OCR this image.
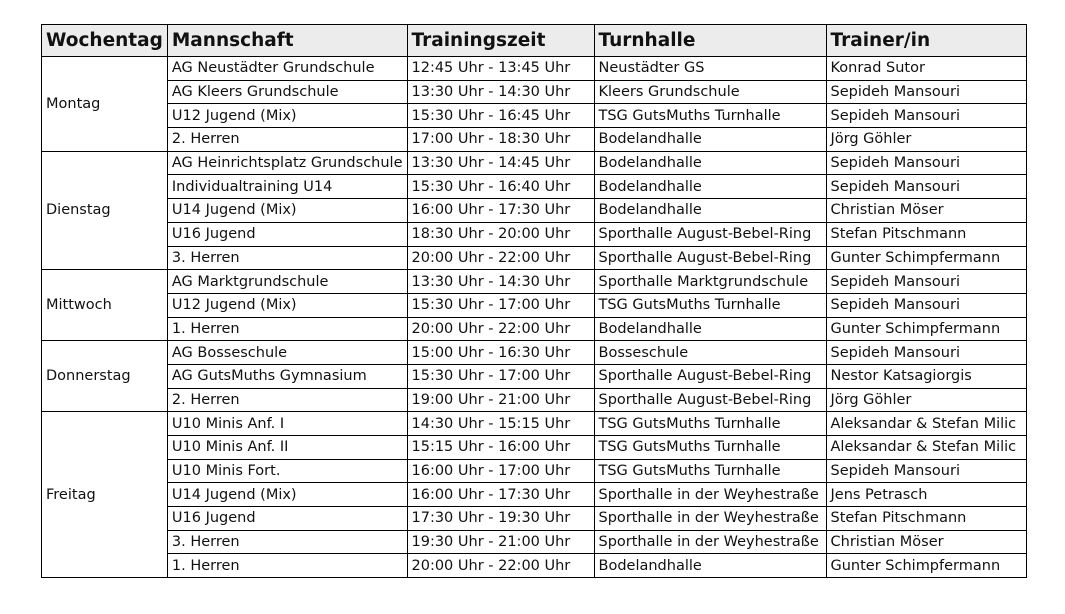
Wochentag	Mannschaft	Trainingszeit	Turnhalle	Trainer/in
Montag	AG Neustädter Grundschule	12:45 Uhr - 13:45 Uhr	Neustädter GS	Konrad Sutor
	AG Kleers Grundschule	13:30 Uhr - 14:30 Uhr	Kleers Grundschule	Sepideh Mansouri
	U12 Jugend (Mix)	15:30 Uhr - 16:45 Uhr	TSG GutsMuths Turnhalle	Sepideh Mansouri
	2. Herren	17:00 Uhr - 18:30 Uhr	Bodelandhalle	Jörg Göhler
Dienstag	AG Heinrichtsplatz Grundschule	13:30 Uhr - 14:45 Uhr	Bodelandhalle	Sepideh Mansouri
	Individualtraining U14	15:30 Uhr - 16:40 Uhr	Bodelandhalle	Sepideh Mansouri
	U14 Jugend (Mix)	16:00 Uhr - 17:30 Uhr	Bodelandhalle	Christian Möser
	U16 Jugend	18:30 Uhr - 20:00 Uhr	Sporthalle August-Bebel-Ring	Stefan Pitschmann
	3. Herren	20:00 Uhr - 22:00 Uhr	Sporthalle August-Bebel-Ring	Gunter Schimpfermann
Mittwoch	AG Marktgrundschule	13:30 Uhr - 14:30 Uhr	Sporthalle Marktgrundschule	Sepideh Mansouri
	U12 Jugend (Mix)	15:30 Uhr - 17:00 Uhr	TSG GutsMuths Turnhalle	Sepideh Mansouri
	1. Herren	20:00 Uhr - 22:00 Uhr	Bodelandhalle	Gunter Schimpfermann
Donnerstag	AG Bosseschule	15:00 Uhr - 16:30 Uhr	Bosseschule	Sepideh Mansouri
	AG GutsMuths Gymnasium	15:30 Uhr - 17:00 Uhr	Sporthalle August-Bebel-Ring	Nestor Katsagiorgis
	2. Herren	19:00 Uhr - 21:00 Uhr	Sporthalle August-Bebel-Ring	Jörg Göhler
Freitag	U10 Minis Anf. I	14:30 Uhr - 15:15 Uhr	TSG GutsMuths Turnhalle	Aleksandar & Stefan Milic
	U10 Minis Anf. II	15:15 Uhr - 16:00 Uhr	TSG GutsMuths Turnhalle	Aleksandar & Stefan Milic
	U10 Minis Fort.	16:00 Uhr - 17:00 Uhr	TSG GutsMuths Turnhalle	Sepideh Mansouri
	U14 Jugend (Mix)	16:00 Uhr - 17:30 Uhr	Sporthalle in der Weyhestraße	Jens Petrasch
	U16 Jugend	17:30 Uhr - 19:30 Uhr	Sporthalle in der Weyhestraße	Stefan Pitschmann
	3. Herren	19:30 Uhr - 21:00 Uhr	Sporthalle in der Weyhestraße	Christian Möser
	1. Herren	20:00 Uhr - 22:00 Uhr	Bodelandhalle	Gunter Schimpfermann
